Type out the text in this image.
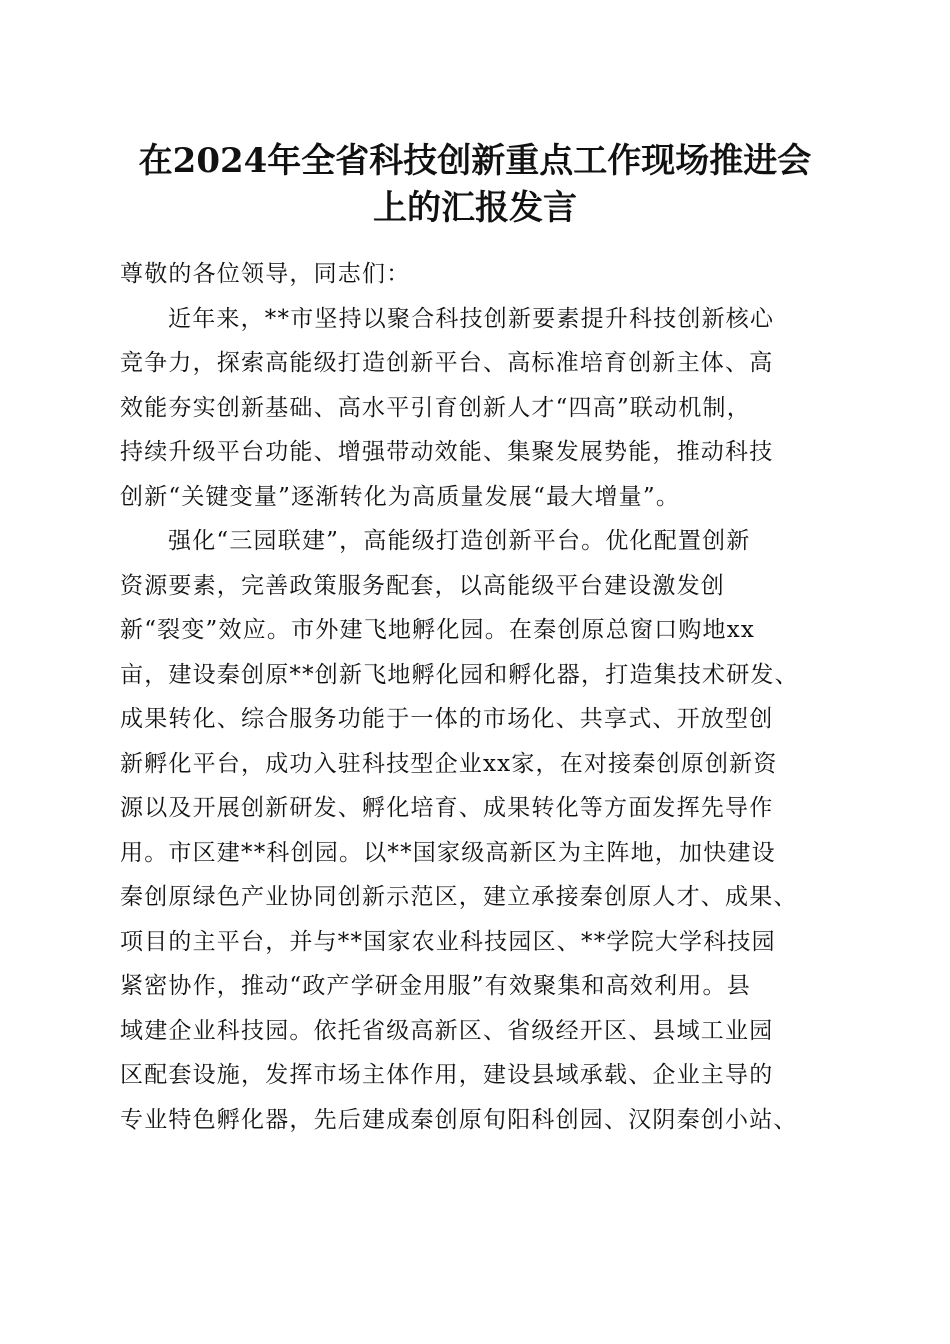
在2024年全省科技创新重点工作现场推进会
上的汇报发言
尊敬的各位领导，同志们：
近年来，**市坚持以聚合科技创新要素提升科技创新核心
竞争力，探索高能级打造创新平台、高标准培育创新主体、高
效能夯实创新基础、高水平引育创新人才“四高”联动机制，
持续升级平台功能、增强带动效能、集聚发展势能，推动科技
创新“关键变量”逐渐转化为高质量发展“最大增量”。
强化“三园联建”，高能级打造创新平台。优化配置创新
资源要素，完善政策服务配套，以高能级平台建设激发创
新“裂变”效应。市外建飞地孵化园。在秦创原总窗口购地xx
亩，建设秦创原**创新飞地孵化园和孵化器，打造集技术研发、
成果转化、综合服务功能于一体的市场化、共享式、开放型创
新孵化平台，成功入驻科技型企业xx家，在对接秦创原创新资
源以及开展创新研发、孵化培育、成果转化等方面发挥先导作
用。市区建**科创园。以**国家级高新区为主阵地，加快建设
秦创原绿色产业协同创新示范区，建立承接秦创原人才、成果、
项目的主平台，并与**国家农业科技园区、**学院大学科技园
紧密协作，推动“政产学研金用服”有效聚集和高效利用。县
域建企业科技园。依托省级高新区、省级经开区、县域工业园
区配套设施，发挥市场主体作用，建设县域承载、企业主导的
专业特色孵化器，先后建成秦创原旬阳科创园、汉阴秦创小站、
